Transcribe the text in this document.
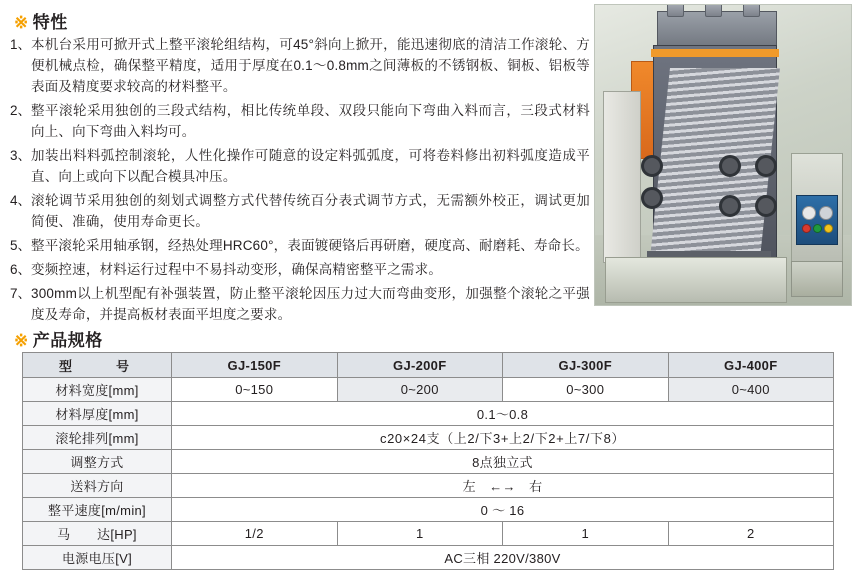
※ 特性
1、 本机台采用可掀开式上整平滚轮组结构，可45°斜向上掀开，能迅速彻底的清洁工作滚轮、方便机械点检，确保整平精度，适用于厚度在0.1～0.8mm之间薄板的不锈钢板、铜板、铝板等表面及精度要求较高的材料整平。
2、 整平滚轮采用独创的三段式结构，相比传统单段、双段只能向下弯曲入料而言，三段式材料向上、向下弯曲入料均可。
3、 加装出料料弧控制滚轮，人性化操作可随意的设定料弧弧度，可将卷料修出初料弧度造成平直、向上或向下以配合模具冲压。
4、 滚轮调节采用独创的刻划式调整方式代替传统百分表式调节方式，无需额外校正，调试更加简便、准确，使用寿命更长。
5、 整平滚轮采用轴承钢，经热处理HRC60°，表面镀硬铬后再研磨，硬度高、耐磨耗、寿命长。
6、 变频控速，材料运行过程中不易抖动变形，确保高精密整平之需求。
7、 300mm以上机型配有补强装置，防止整平滚轮因压力过大而弯曲变形，加强整个滚轮之平强度及寿命，并提高板材表面平坦度之要求。
※ 产品规格
型　　号	GJ-150F	GJ-200F	GJ-300F	GJ-400F
材料宽度[mm]	0~150	0~200	0~300	0~400
材料厚度[mm]	0.1～0.8			
滚轮排列[mm]	ϲ20×24支（上2/下3+上2/下2+上7/下8）			
调整方式	8点独立式			
送料方向	左　←→　右			
整平速度[m/min]	0 ～ 16			
马　　达[HP]	1/2	1	1	2
电源电压[V]	AC三相 220V/380V			
